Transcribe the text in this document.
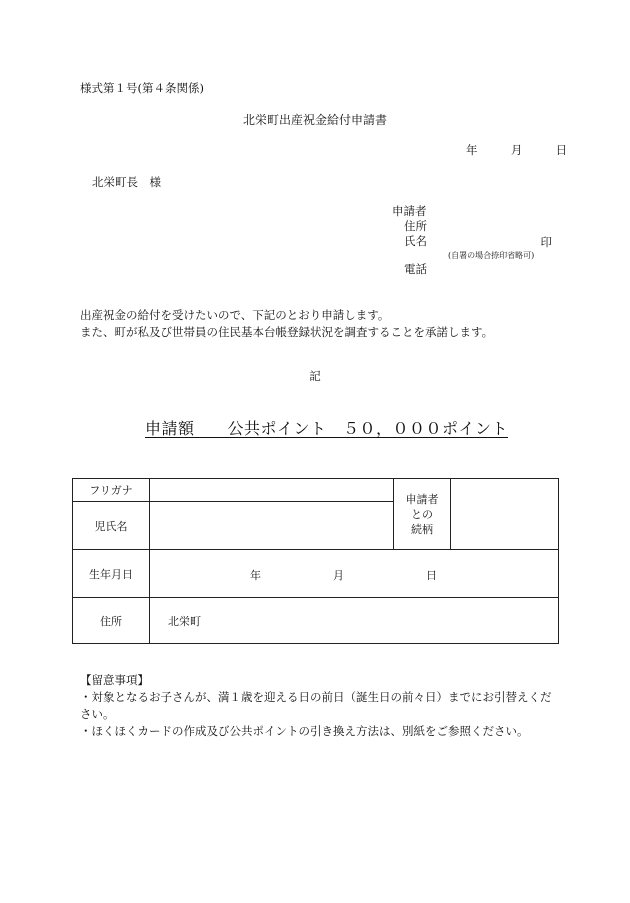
様式第１号(第４条関係)
北栄町出産祝金給付申請書
年	月	日
北栄町長　様
申請者
住所
氏名	印
(自署の場合捺印省略可)
電話
出産祝金の給付を受けたいので、下記のとおり申請します。
また、町が私及び世帯員の住民基本台帳登録状況を調査することを承諾します。
記
申請額　　公共ポイント　５０，０００ポイント
フリガナ		申請者
との
続柄	

児氏名			
生年月日	年 月 日		

住所	北栄町		
【留意事項】
・対象となるお子さんが、満１歳を迎える日の前日（誕生日の前々日）までにお引替えください。
・ほくほくカードの作成及び公共ポイントの引き換え方法は、別紙をご参照ください。
